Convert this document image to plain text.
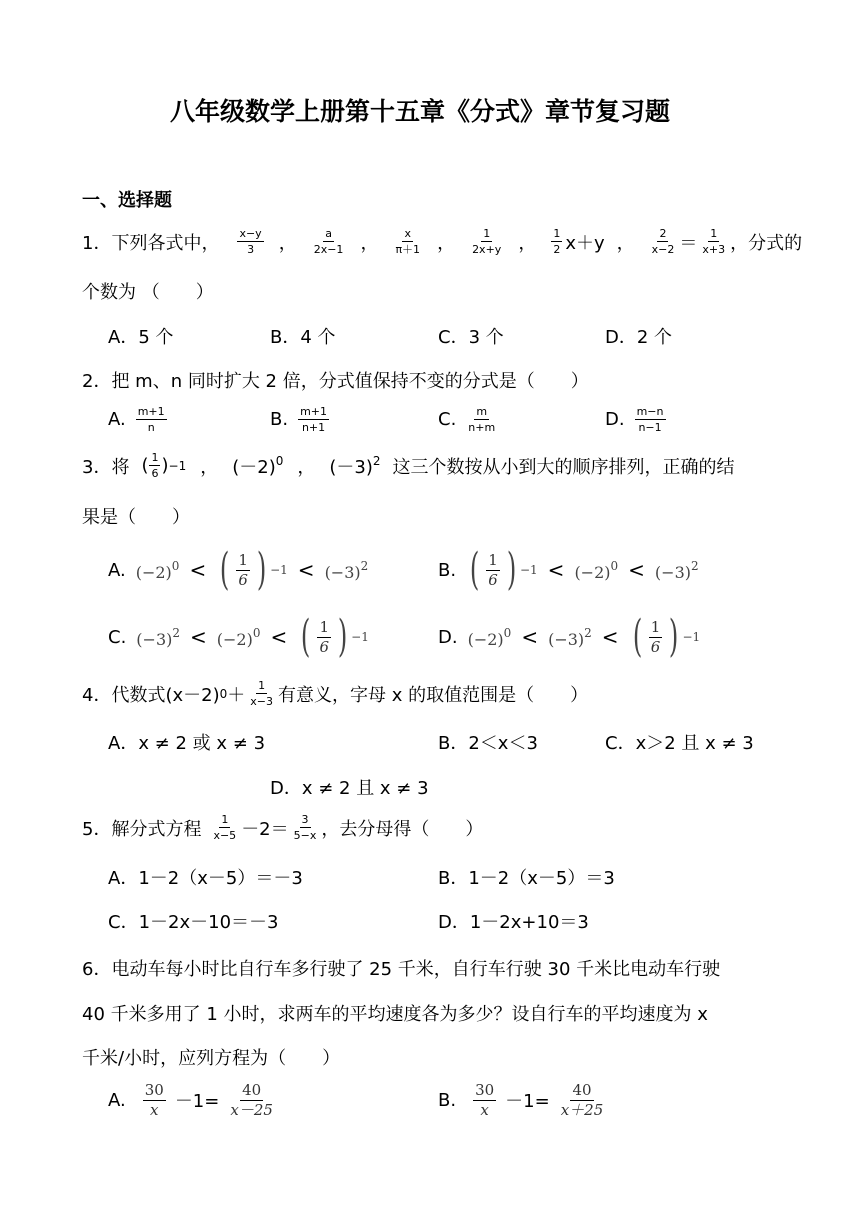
八年级数学上册第十五章《分式》章节复习题
一、选择题
1．下列各式中， $\frac{x-y}{3}$ ， $\frac{a}{2x-1}$ ， $\frac{x}{\pi+1}$ ， $\frac{1}{2x+y}$ ， $\frac{1}{2} x+y$ ， $\frac{2}{x-2} = \frac{1}{x+3}$ ，分式的
个数为 （　　）
A．5 个	B．4 个	C．3 个	D．2 个
2．把 m、n 同时扩大 2 倍，分式值保持不变的分式是（　　）
A. $\frac{m+1}{n}$	B. $\frac{m+1}{n+1}$	C. $\frac{m}{n+m}$	D. $\frac{m-n}{n-1}$
3．将 ( $\frac{1}{6}$ ) −1 ， $(-2)^0$ ， $(-3)^2$ 这三个数按从小到大的顺序排列，正确的结
果是（　　）
A. $(-2)^0$ < ( $\frac{1}{6}$ ) $-1 < (-3)^2$	B. ( $\frac{1}{6}$ ) $-1 < (-2)^0 < (-3)^2$
C. $(-3)^2 < (-2)^0$ < ( $\frac{1}{6}$ ) −1	D. $(-2)^0 < (-3)^2$ < ( $\frac{1}{6}$ ) −1
4．代数式(x－2) $0 + \frac{1}{x-3}$ 有意义，字母 x 的取值范围是（　　）
A．x ≠ 2 或 x ≠ 3	B．2＜x＜3	C．x＞2 且 x ≠ 3
D．x ≠ 2 且 x ≠ 3
5．解分式方程 $\frac{1}{x-5} -2= \frac{3}{5-x}$ ，去分母得（　　）
A．1－2（x－5）＝－3	B．1－2（x－5）＝3
C．1－2x－10＝－3	D．1－2x+10＝3
6．电动车每小时比自行车多行驶了 25 千米，自行车行驶 30 千米比电动车行驶
40 千米多用了 1 小时，求两车的平均速度各为多少？设自行车的平均速度为 x
千米/小时，应列方程为（　　）
A. $\frac{30}{x} -1= \frac{40}{x-25}$	B. $\frac{30}{x} -1= \frac{40}{x+25}$
